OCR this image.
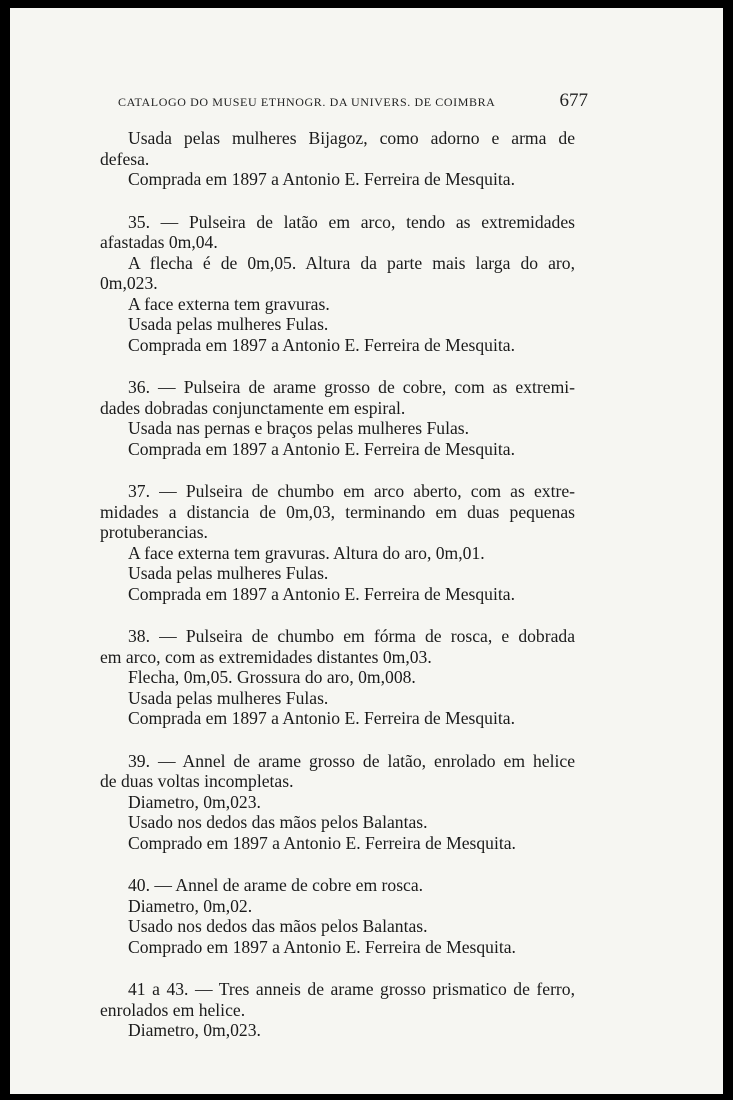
CATALOGO DO MUSEU ETHNOGR. DA UNIVERS. DE COIMBRA	677
Usada pelas mulheres Bijagoz, como adorno e arma de
defesa.
Comprada em 1897 a Antonio E. Ferreira de Mesquita.
35. — Pulseira de latão em arco, tendo as extremidades
afastadas 0m,04.
A flecha é de 0m,05. Altura da parte mais larga do aro,
0m,023.
A face externa tem gravuras.
Usada pelas mulheres Fulas.
Comprada em 1897 a Antonio E. Ferreira de Mesquita.
36. — Pulseira de arame grosso de cobre, com as extremi-
dades dobradas conjunctamente em espiral.
Usada nas pernas e braços pelas mulheres Fulas.
Comprada em 1897 a Antonio E. Ferreira de Mesquita.
37. — Pulseira de chumbo em arco aberto, com as extre-
midades a distancia de 0m,03, terminando em duas pequenas
protuberancias.
A face externa tem gravuras. Altura do aro, 0m,01.
Usada pelas mulheres Fulas.
Comprada em 1897 a Antonio E. Ferreira de Mesquita.
38. — Pulseira de chumbo em fórma de rosca, e dobrada
em arco, com as extremidades distantes 0m,03.
Flecha, 0m,05. Grossura do aro, 0m,008.
Usada pelas mulheres Fulas.
Comprada em 1897 a Antonio E. Ferreira de Mesquita.
39. — Annel de arame grosso de latão, enrolado em helice
de duas voltas incompletas.
Diametro, 0m,023.
Usado nos dedos das mãos pelos Balantas.
Comprado em 1897 a Antonio E. Ferreira de Mesquita.
40. — Annel de arame de cobre em rosca.
Diametro, 0m,02.
Usado nos dedos das mãos pelos Balantas.
Comprado em 1897 a Antonio E. Ferreira de Mesquita.
41 a 43. — Tres anneis de arame grosso prismatico de ferro,
enrolados em helice.
Diametro, 0m,023.
